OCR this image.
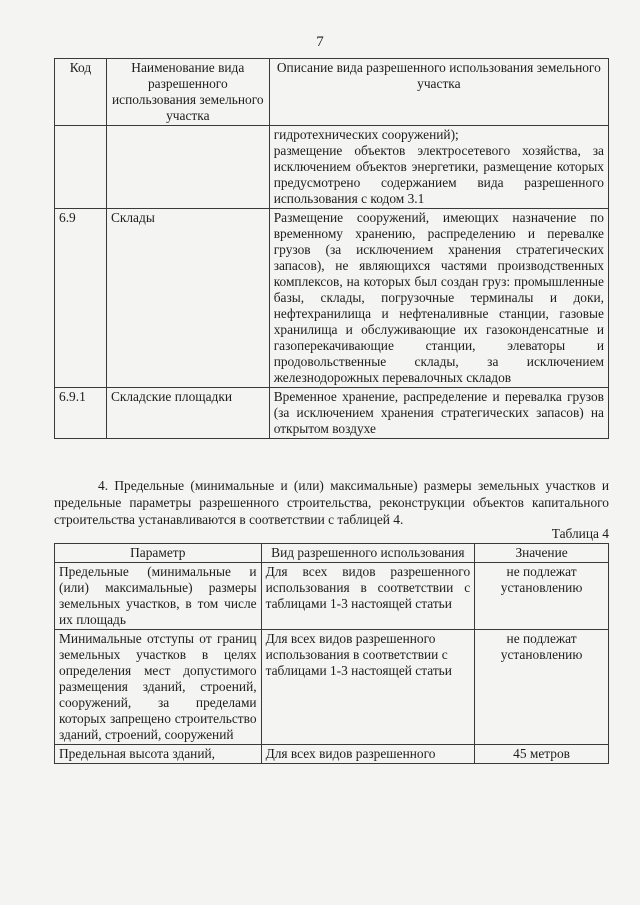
7
Код	Наименование вида разрешенного использования земельного участка	Описание вида разрешенного использования земельного участка
		гидротехнических сооружений);
размещение объектов электросетевого хозяйства, за исключением объектов энергетики, размещение которых предусмотрено содержанием вида разрешенного использования с кодом 3.1
6.9	Склады	Размещение сооружений, имеющих назначение по временному хранению, распределению и перевалке грузов (за исключением хранения стратегических запасов), не являющихся частями производственных комплексов, на которых был создан груз: промышленные базы, склады, погрузочные терминалы и доки, нефтехранилища и нефтеналивные станции, газовые хранилища и обслуживающие их газоконденсатные и газоперекачивающие станции, элеваторы и продовольственные склады, за исключением железнодорожных перевалочных складов
6.9.1	Складские площадки	Временное хранение, распределение и перевалка грузов (за исключением хранения стратегических запасов) на открытом воздухе
4. Предельные (минимальные и (или) максимальные) размеры земельных участков и предельные параметры разрешенного строительства, реконструкции объектов капитального строительства устанавливаются в соответствии с таблицей 4.
Таблица 4
Параметр	Вид разрешенного использования	Значение
Предельные (минимальные и (или) максимальные) размеры земельных участков, в том числе их площадь	Для всех видов разрешенного использования в соответствии с таблицами 1-3 настоящей статьи	не подлежат установлению
Минимальные отступы от границ земельных участков в целях определения мест допустимого размещения зданий, строений, сооружений, за пределами которых запрещено строительство зданий, строений, сооружений	Для всех видов разрешенного использования в соответствии с таблицами 1-3 настоящей статьи	не подлежат установлению
Предельная высота зданий,	Для всех видов разрешенного	45 метров
